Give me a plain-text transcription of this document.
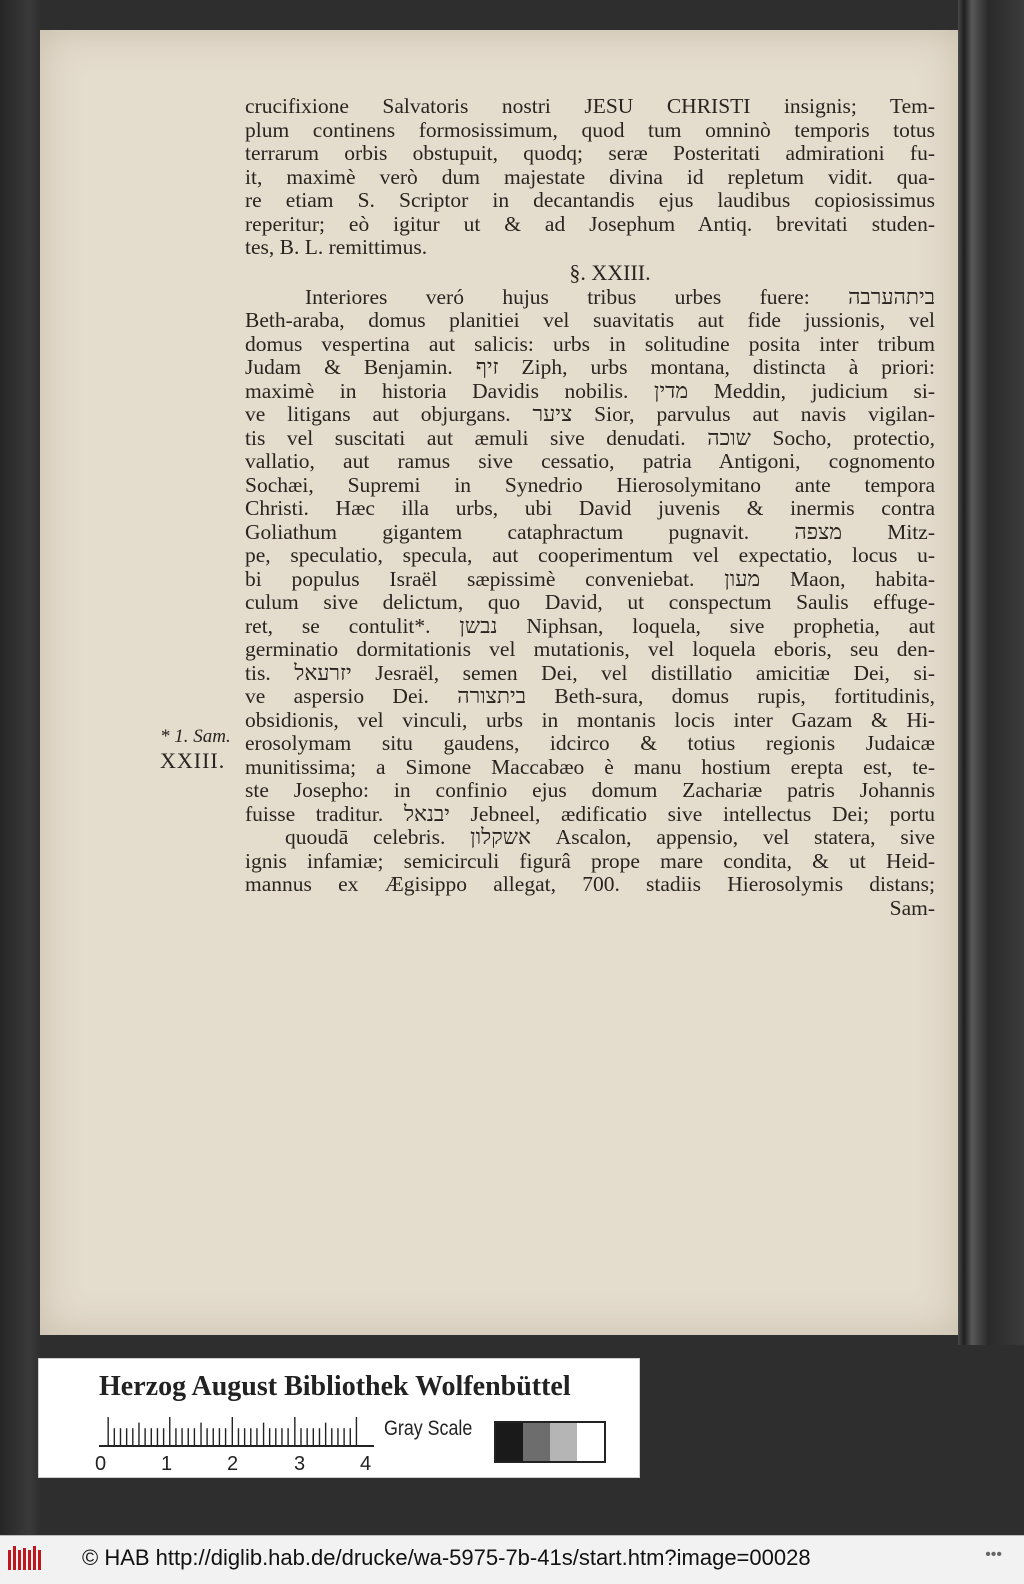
crucifixione Salvatoris nostri JESU CHRISTI insignis; Tem-
plum continens formosissimum, quod tum omninò temporis totus
terrarum orbis obstupuit, quodq; seræ Posteritati admirationi fu-
it, maximè verò dum majestate divina id repletum vidit. qua-
re etiam S. Scriptor in decantandis ejus laudibus copiosissimus
reperitur; eò igitur ut & ad Josephum Antiq. brevitati studen-
tes, B. L. remittimus.
§. XXIII.
Interiores veró hujus tribus urbes fuere: ביתהערבה
Beth-araba, domus planitiei vel suavitatis aut fide jussionis, vel
domus vespertina aut salicis: urbs in solitudine posita inter tribum
Judam & Benjamin. זיף Ziph, urbs montana, distincta à priori:
maximè in historia Davidis nobilis. מדין Meddin, judicium si-
ve litigans aut objurgans. ציער Sior, parvulus aut navis vigilan-
tis vel suscitati aut æmuli sive denudati. שוכה Socho, protectio,
vallatio, aut ramus sive cessatio, patria Antigoni, cognomento
Sochæi, Supremi in Synedrio Hierosolymitano ante tempora
Christi. Hæc illa urbs, ubi David juvenis & inermis contra
Goliathum gigantem cataphractum pugnavit. מצפה Mitz-
pe, speculatio, specula, aut cooperimentum vel expectatio, locus u-
bi populus Israël sæpissimè conveniebat. מעון Maon, habita-
culum sive delictum, quo David, ut conspectum Saulis effuge-
ret, se contulit*. נבשן Niphsan, loquela, sive prophetia, aut
germinatio dormitationis vel mutationis, vel loquela eboris, seu den-
tis. יזרעאל Jesraël, semen Dei, vel distillatio amicitiæ Dei, si-
ve aspersio Dei. ביתצורה Beth-sura, domus rupis, fortitudinis,
obsidionis, vel vinculi, urbs in montanis locis inter Gazam & Hi-
erosolymam situ gaudens, idcirco & totius regionis Judaicæ
munitissima; a Simone Maccabæo è manu hostium erepta est, te-
ste Josepho: in confinio ejus domum Zachariæ patris Johannis
fuisse traditur. יבנאל Jebneel, ædificatio sive intellectus Dei; portu
quoudā celebris. אשקלון Ascalon, appensio, vel statera, sive
ignis infamiæ; semicirculi figurâ prope mare condita, & ut Heid-
mannus ex Ægisippo allegat, 700. stadiis Hierosolymis distans;
Sam-
* 1. Sam.
XXIII.
Herzog August Bibliothek Wolfenbüttel
0	1	2	3	4
Gray Scale
© HAB http://diglib.hab.de/drucke/wa-5975-7b-41s/start.htm?image=00028	•••
